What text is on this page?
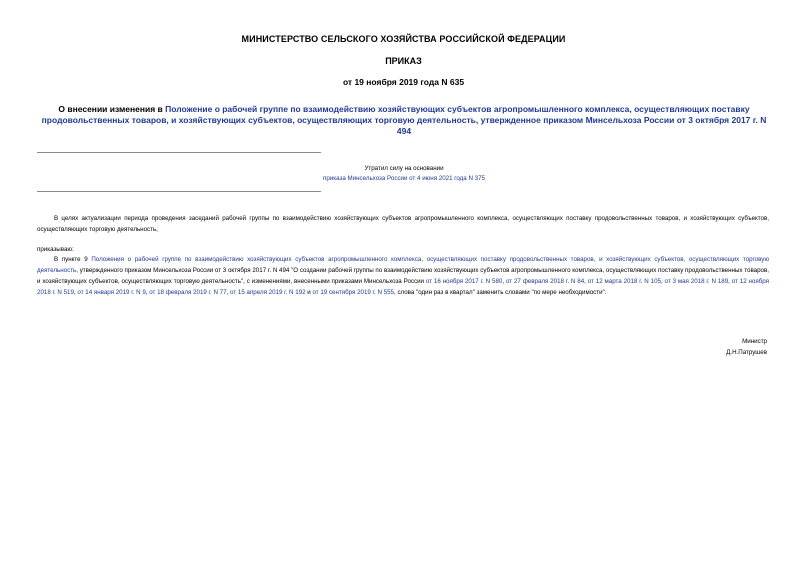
МИНИСТЕРСТВО СЕЛЬСКОГО ХОЗЯЙСТВА РОССИЙСКОЙ ФЕДЕРАЦИИ
ПРИКАЗ
от 19 ноября 2019 года N 635
О внесении изменения в Положение о рабочей группе по взаимодействию хозяйствующих субъектов агропромышленного комплекса, осуществляющих поставку продовольственных товаров, и хозяйствующих субъектов, осуществляющих торговую деятельность, утвержденное приказом Минсельхоза России от 3 октября 2017 г. N 494
Утратил силу на основании
приказа Минсельхоза России от 4 июня 2021 года N 375
В целях актуализации периода проведения заседаний рабочей группы по взаимодействию хозяйствующих субъектов агропромышленного комплекса, осуществляющих поставку продовольственных товаров, и хозяйствующих субъектов, осуществляющих торговую деятельность,
приказываю:
В пункте 9 Положения о рабочей группе по взаимодействию хозяйствующих субъектов агропромышленного комплекса, осуществляющих поставку продовольственных товаров, и хозяйствующих субъектов, осуществляющих торговую деятельность, утвержденного приказом Минсельхоза России от 3 октября 2017 г. N 494 "О создании рабочей группы по взаимодействию хозяйствующих субъектов агропромышленного комплекса, осуществляющих поставку продовольственных товаров, и хозяйствующих субъектов, осуществляющих торговую деятельность", с изменениями, внесенными приказами Минсельхоза России от 16 ноября 2017 г. N 580, от 27 февраля 2018 г. N 84, от 12 марта 2018 г. N 105, от 3 мая 2018 г. N 189, от 12 ноября 2018 г. N 519, от 14 января 2019 г. N 9, от 18 февраля 2019 г. N 77, от 15 апреля 2019 г. N 192 и от 19 сентября 2019 г. N 555, слова "один раз в квартал" заменить словами "по мере необходимости".
Министр
Д.Н.Патрушев
